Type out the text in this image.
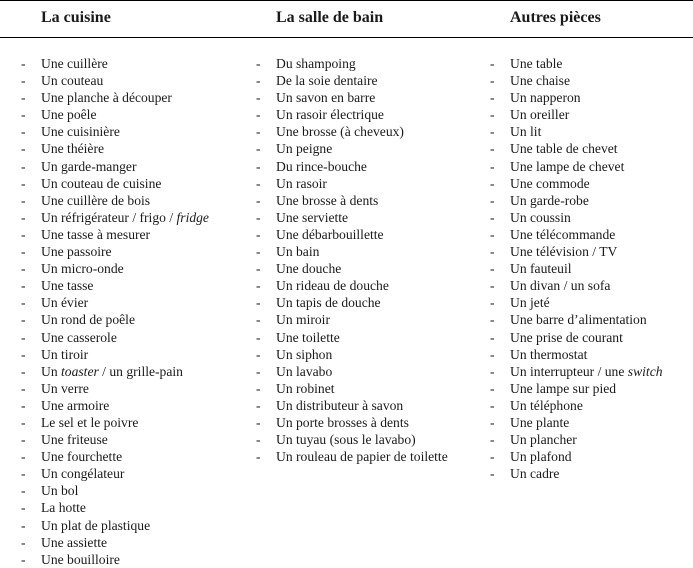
La cuisine	La salle de bain	Autres pièces
- Une cuillère
- Un couteau
- Une planche à découper
- Une poêle
- Une cuisinière
- Une théière
- Un garde-manger
- Un couteau de cuisine
- Une cuillère de bois
- Un réfrigérateur / frigo / fridge
- Une tasse à mesurer
- Une passoire
- Un micro-onde
- Une tasse
- Un évier
- Un rond de poêle
- Une casserole
- Un tiroir
- Un toaster / un grille-pain
- Un verre
- Une armoire
- Le sel et le poivre
- Une friteuse
- Une fourchette
- Un congélateur
- Un bol
- La hotte
- Un plat de plastique
- Une assiette
- Une bouilloire
- Du shampoing
- De la soie dentaire
- Un savon en barre
- Un rasoir électrique
- Une brosse (à cheveux)
- Un peigne
- Du rince-bouche
- Un rasoir
- Une brosse à dents
- Une serviette
- Une débarbouillette
- Un bain
- Une douche
- Un rideau de douche
- Un tapis de douche
- Un miroir
- Une toilette
- Un siphon
- Un lavabo
- Un robinet
- Un distributeur à savon
- Un porte brosses à dents
- Un tuyau (sous le lavabo)
- Un rouleau de papier de toilette
- Une table
- Une chaise
- Un napperon
- Un oreiller
- Un lit
- Une table de chevet
- Une lampe de chevet
- Une commode
- Un garde-robe
- Un coussin
- Une télécommande
- Une télévision / TV
- Un fauteuil
- Un divan / un sofa
- Un jeté
- Une barre d’alimentation
- Une prise de courant
- Un thermostat
- Un interrupteur / une switch
- Une lampe sur pied
- Un téléphone
- Une plante
- Un plancher
- Un plafond
- Un cadre
